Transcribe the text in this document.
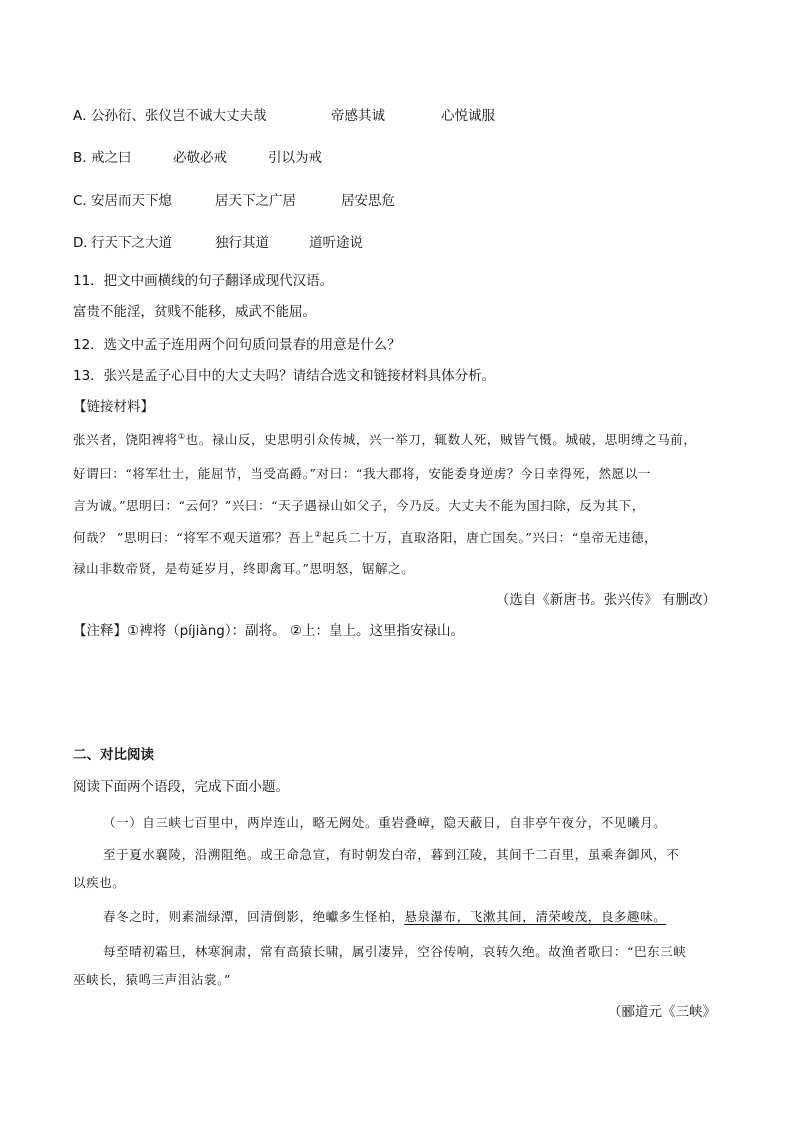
A．公孙衍、张仪岂不诚大丈夫哉	帝感其诚	心悦诚服
B．戒之曰	必敬必戒	引以为戒
C．安居而天下熄	居天下之广居	居安思危
D．行天下之大道	独行其道	道听途说
11．把文中画横线的句子翻译成现代汉语。
富贵不能淫，贫贱不能移，威武不能屈。
12．选文中孟子连用两个问句质问景春的用意是什么？
13．张兴是孟子心目中的大丈夫吗？请结合选文和链接材料具体分析。
【链接材料】
张兴者，饶阳裨将①也。禄山反，史思明引众传城，兴一举刀，辄数人死，贼皆气慑。城破，思明缚之马前，
好谓曰：“将军壮士，能屈节，当受高爵。”对曰：“我大郡将，安能委身逆虏？今日幸得死，然愿以一
言为诚。”思明曰：“云何？”兴曰：“天子遇禄山如父子，今乃反。大丈夫不能为国扫除，反为其下，
何哉？ ”思明曰：“将军不观天道邪？吾上②起兵二十万，直取洛阳，唐亡国矣。”兴曰：“皇帝无违德，
禄山非数帝贤，是苟延岁月，终即禽耳。”思明怒，锯解之。
（选自《新唐书。张兴传》 有删改）
【注释】①裨将（píjiàng）：副将。 ②上：皇上。这里指安禄山。
二、对比阅读
阅读下面两个语段，完成下面小题。
（一）自三峡七百里中，两岸连山，略无阙处。重岩叠嶂，隐天蔽日，自非亭午夜分，不见曦月。
至于夏水襄陵，沿溯阻绝。或王命急宣，有时朝发白帝，暮到江陵，其间千二百里，虽乘奔御风，不
以疾也。
春冬之时，则素湍绿潭，回清倒影，绝巘多生怪柏，悬泉瀑布，飞漱其间，清荣峻茂，良多趣味。
每至晴初霜旦，林寒涧肃，常有高猿长啸，属引凄异，空谷传响，哀转久绝。故渔者歌曰：“巴东三峡
巫峡长，猿鸣三声泪沾裳。”
（郦道元《三峡》
